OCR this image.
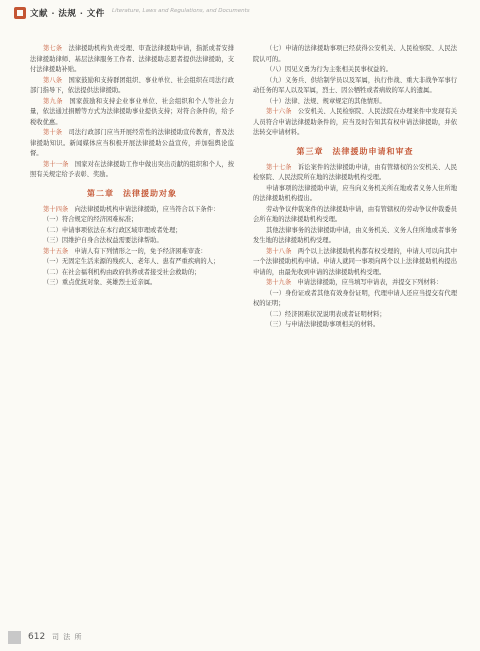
文献 · 法规 · 文件 Literature, Laws and Regulations, and Documents

第七条　 法律援助机构负责受理、审查法律援助申请，指派或者安排法律援助律师、基层法律服务工作者、法律援助志愿者提供法律援助，支付法律援助补贴。

第八条　 国家鼓励和支持群团组织、事业单位、社会组织在司法行政部门指导下，依法提供法律援助。

第九条　 国家鼓励和支持企业事业单位、社会组织和个人等社会力量，依法通过捐赠等方式为法律援助事业提供支持；对符合条件的，给予税收优惠。

第十条　 司法行政部门应当开展经常性的法律援助宣传教育，普及法律援助知识。新闻媒体应当积极开展法律援助公益宣传，并加强舆论监督。

第十一条　 国家对在法律援助工作中做出突出贡献的组织和个人，按照有关规定给予表彰、奖励。

第二章　法律援助对象

第十四条　 向法律援助机构申请法律援助，应当符合以下条件：

（一）符合规定的经济困难标准；

（二）申请事项依法在本行政区域审理或者处理；

（三）因维护自身合法权益需要法律帮助。

第十五条　 申请人有下列情形之一的，免予经济困难审查：

（一）无固定生活来源的残疾人、老年人、患有严重疾病的人；

（二）在社会福利机构由政府供养或者接受社会救助的；

（三）重点优抚对象、英雄烈士近亲属。

（七）申请的法律援助事项已经获得公安机关、人民检察院、人民法院认可的。

（八）因见义勇为行为主张相关民事权益的。

（九）义务兵、供给制学员以及军属，执行作战、重大非战争军事行动任务的军人以及军属，烈士、因公牺牲或者病故的军人的遗属。

（十）法律、法规、规章规定的其他情形。

第十六条　 公安机关、人民检察院、人民法院在办理案件中发现有关人员符合申请法律援助条件的，应当及时告知其有权申请法律援助，并依法转交申请材料。

第三章　法律援助申请和审查

第十七条　 诉讼案件的法律援助申请，由有管辖权的公安机关、人民检察院、人民法院所在地的法律援助机构受理。

申请事项的法律援助申请，应当向义务机关所在地或者义务人住所地的法律援助机构提出。

劳动争议仲裁案件的法律援助申请，由有管辖权的劳动争议仲裁委员会所在地的法律援助机构受理。

其他法律事务的法律援助申请，由义务机关、义务人住所地或者事务发生地的法律援助机构受理。

第十八条　 两个以上法律援助机构都有权受理的，申请人可以向其中一个法律援助机构申请。申请人就同一事项向两个以上法律援助机构提出申请的，由最先收到申请的法律援助机构受理。

第十九条　 申请法律援助，应当填写申请表，并提交下列材料：

（一）身份证或者其他有效身份证明，代理申请人还应当提交有代理权的证明；

（二）经济困难状况说明表或者证明材料；

（三）与申请法律援助事项相关的材料。

612 司 法 所
